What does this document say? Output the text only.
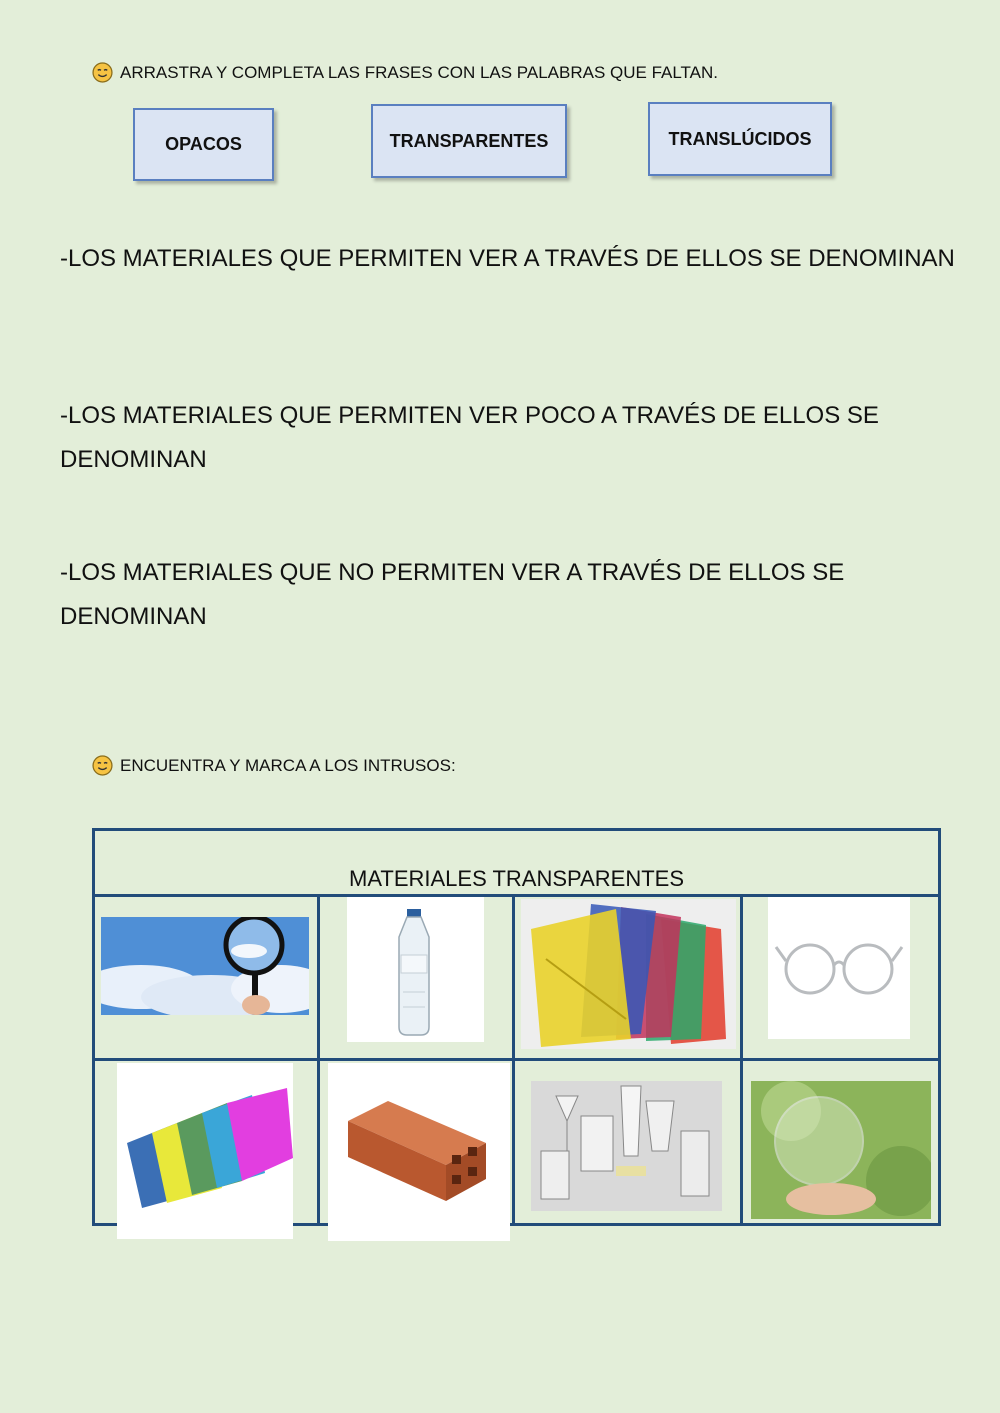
ARRASTRA Y COMPLETA LAS FRASES CON LAS PALABRAS QUE FALTAN.
OPACOS	TRANSPARENTES	TRANSLÚCIDOS
-LOS MATERIALES QUE PERMITEN VER A TRAVÉS DE ELLOS SE DENOMINAN
-LOS MATERIALES QUE PERMITEN VER POCO A TRAVÉS DE ELLOS SE DENOMINAN
-LOS MATERIALES QUE NO PERMITEN VER A TRAVÉS DE ELLOS SE DENOMINAN
ENCUENTRA Y MARCA A LOS INTRUSOS:
MATERIALES TRANSPARENTES			
